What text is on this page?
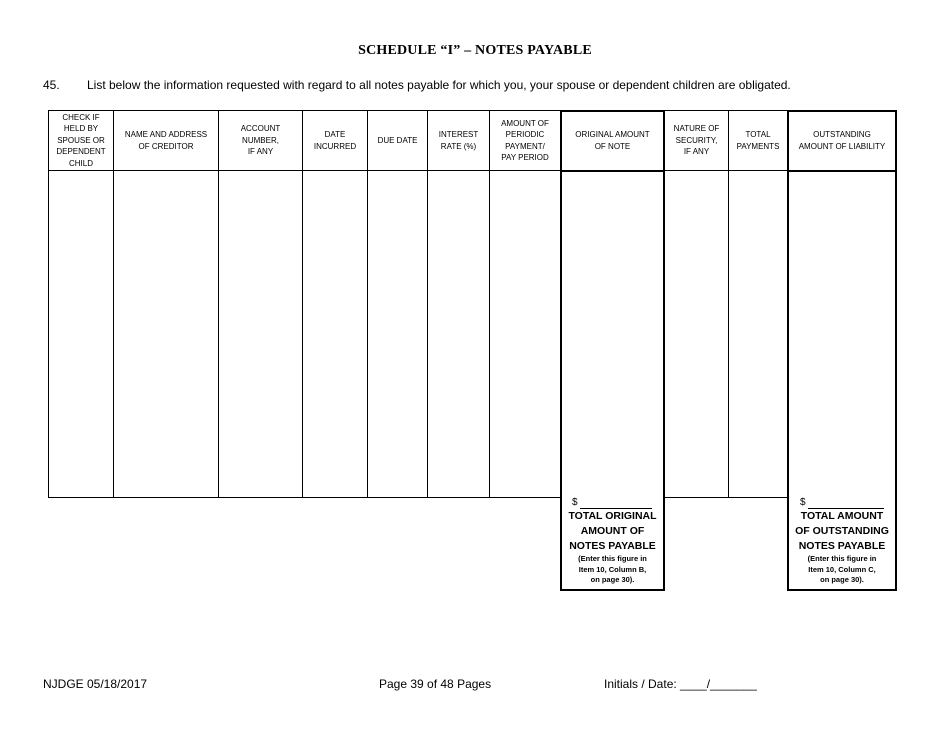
SCHEDULE “I” – NOTES PAYABLE
45. List below the information requested with regard to all notes payable for which you, your spouse or dependent children are obligated.
CHECK IF
HELD BY
SPOUSE OR
DEPENDENT
CHILD
NAME AND ADDRESS
OF CREDITOR
ACCOUNT
NUMBER,
IF ANY
DATE
INCURRED
DUE DATE
INTEREST
RATE (%)
AMOUNT OF
PERIODIC
PAYMENT/
PAY PERIOD
ORIGINAL AMOUNT
OF NOTE
NATURE OF
SECURITY,
IF ANY
TOTAL
PAYMENTS
OUTSTANDING
AMOUNT OF LIABILITY
$
TOTAL ORIGINAL
AMOUNT OF
NOTES PAYABLE
(Enter this figure in
Item 10, Column B,
on page 30).
$
TOTAL AMOUNT
OF OUTSTANDING
NOTES PAYABLE
(Enter this figure in
Item 10, Column C,
on page 30).
NJDGE 05/18/2017	Page 39 of 48 Pages	Initials / Date: ____/_______
